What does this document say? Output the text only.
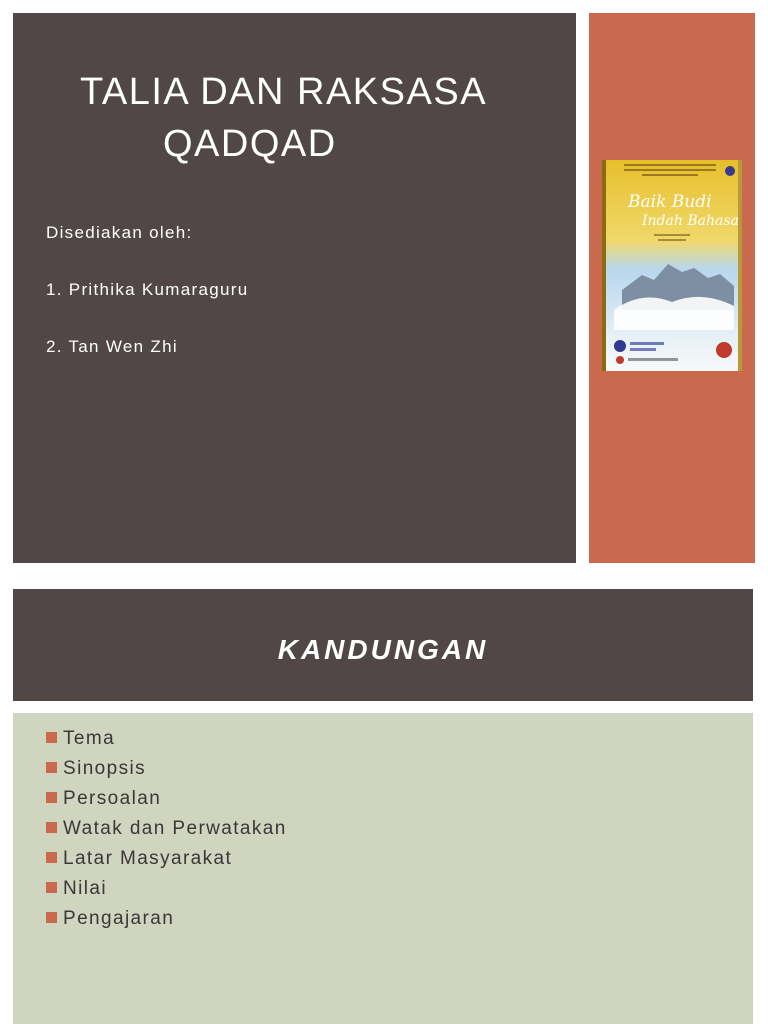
TALIA DAN RAKSASA
QADQAD
Disediakan oleh:
1. Prithika Kumaraguru
2. Tan Wen Zhi
Baik Budi
Indah Bahasa
KANDUNGAN
Tema
Sinopsis
Persoalan
Watak dan Perwatakan
Latar Masyarakat
Nilai
Pengajaran
